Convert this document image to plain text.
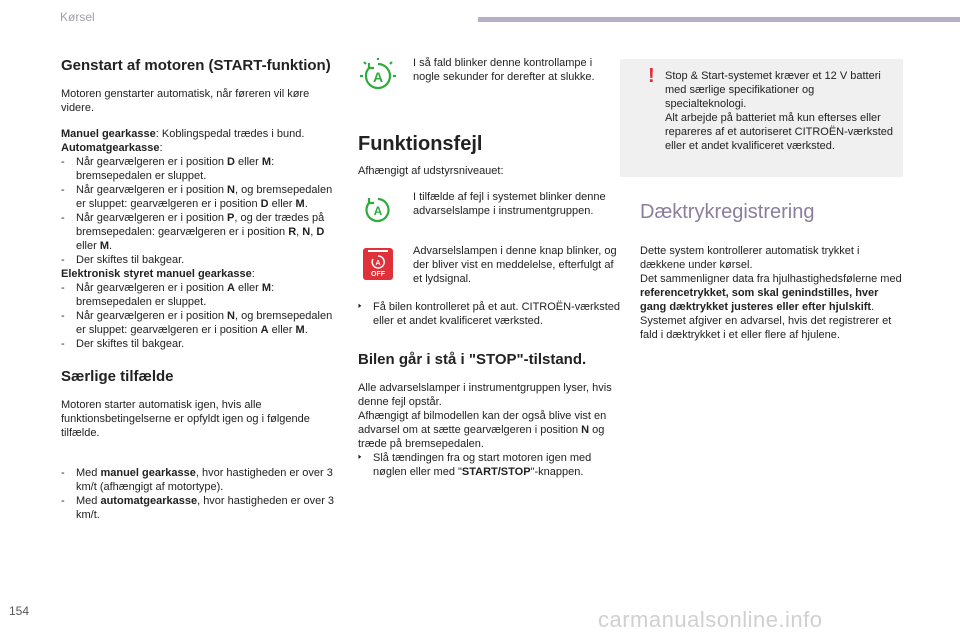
Kørsel
Genstart af motoren (START-funktion)

Motoren genstarter automatisk, når føreren vil køre videre.

Manuel gearkasse: Koblingspedal trædes i bund.

Automatgearkasse:

- Når gearvælgeren er i position D eller M: bremsepedalen er sluppet.
- Når gearvælgeren er i position N, og bremsepedalen er sluppet: gearvælgeren er i position D eller M.
- Når gearvælgeren er i position P, og der trædes på bremsepedalen: gearvælgeren er i position R, N, D eller M.
- Der skiftes til bakgear.

Elektronisk styret manuel gearkasse:

- Når gearvælgeren er i position A eller M: bremsepedalen er sluppet.
- Når gearvælgeren er i position N, og bremsepedalen er sluppet: gearvælgeren er i position A eller M.
- Der skiftes til bakgear.
Særlige tilfælde

Motoren starter automatisk igen, hvis alle funktionsbetingelserne er opfyldt igen og i følgende tilfælde.

- Med manuel gearkasse, hvor hastigheden er over 3 km/t (afhængigt af motortype).
- Med automatgearkasse, hvor hastigheden er over 3 km/t.
A

I så fald blinker denne kontrollampe i nogle sekunder for derefter at slukke.

Funktionsfejl

Afhængigt af udstyrsniveauet:

A

I tilfælde af fejl i systemet blinker denne advarselslampe i instrumentgruppen.

A
OFF

Advarselslampen i denne knap blinker, og der bliver vist en meddelelse, efterfulgt af et lydsignal.

🢒 Få bilen kontrolleret på et aut. CITROËN-værksted eller et andet kvalificeret værksted.
Bilen går i stå i "STOP"-tilstand.

Alle advarselslamper i instrumentgruppen lyser, hvis denne fejl opstår.

Afhængigt af bilmodellen kan der også blive vist en advarsel om at sætte gearvælgeren i position N og træde på bremsepedalen.

🢒 Slå tændingen fra og start motoren igen med nøglen eller med "START/STOP"-knappen.
! Stop & Start-systemet kræver et 12 V batteri med særlige specifikationer og specialteknologi.
Alt arbejde på batteriet må kun efterses eller repareres af et autoriseret CITROËN-værksted eller et andet kvalificeret værksted.

Dæktrykregistrering

Dette system kontrollerer automatisk trykket i dækkene under kørsel.

Det sammenligner data fra hjulhastighedsfølerne med referencetrykket, som skal genindstilles, hver gang dæktrykket justeres eller efter hjulskift.

Systemet afgiver en advarsel, hvis det registrerer et fald i dæktrykket i et eller flere af hjulene.

154	carmanualsonline.info
